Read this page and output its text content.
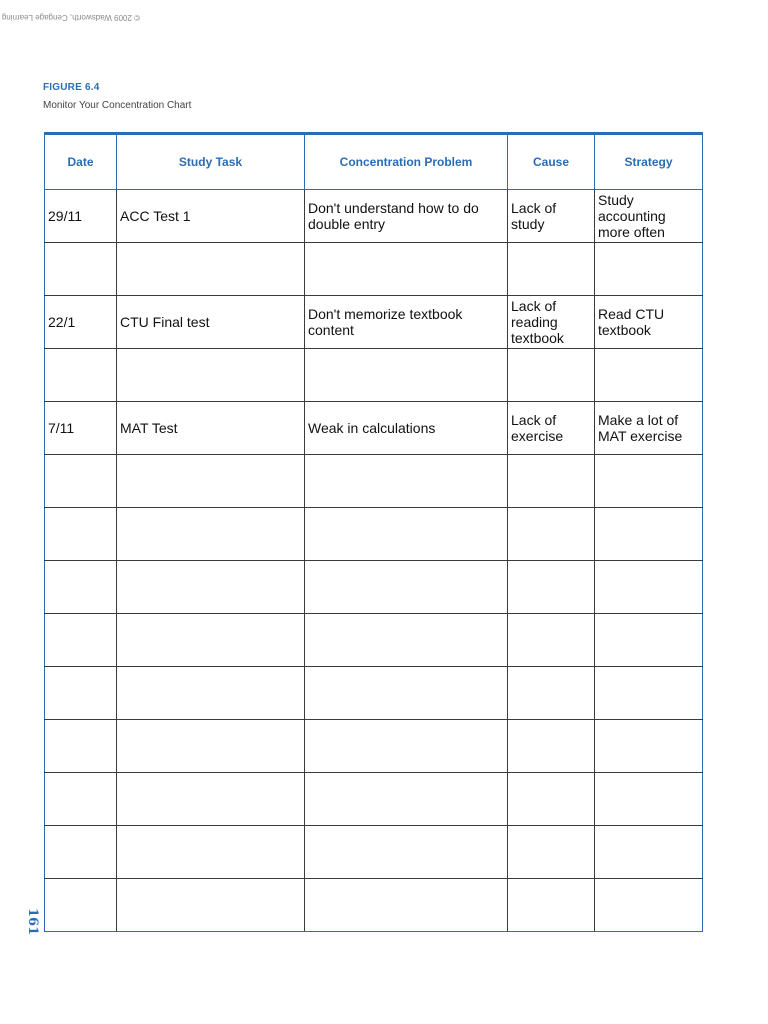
© 2009 Wadsworth, Cengage Learning
FIGURE 6.4
Monitor Your Concentration Chart
161
Date	Study Task	Concentration Problem	Cause	Strategy
29/11	ACC Test 1	Don't understand how to do double entry	Lack of study	Study accounting more often

22/1	CTU Final test	Don't memorize textbook content	Lack of reading textbook	Read CTU textbook

7/11	MAT Test	Weak in calculations	Lack of exercise	Make a lot of MAT exercise
